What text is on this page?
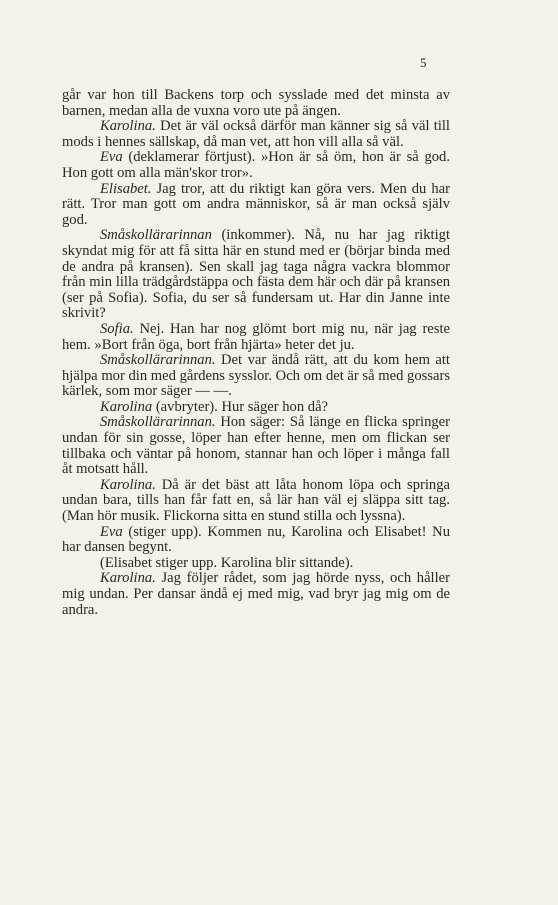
5

går var hon till Backens torp och sysslade med det minsta av barnen, medan alla de vuxna voro ute på ängen.

Karolina. Det är väl också därför man känner sig så väl till mods i hennes sällskap, då man vet, att hon vill alla så väl.

Eva (deklamerar förtjust). »Hon är så öm, hon är så god. Hon gott om alla män'skor tror».

Elisabet. Jag tror, att du riktigt kan göra vers. Men du har rätt. Tror man gott om andra människor, så är man också själv god.

Småskollärarinnan (inkommer). Nå, nu har jag riktigt skyndat mig för att få sitta här en stund med er (börjar binda med de andra på kransen). Sen skall jag taga några vackra blommor från min lilla trädgårdstäppa och fästa dem här och där på kransen (ser på Sofia). Sofia, du ser så fundersam ut. Har din Janne inte skrivit?

Sofia. Nej. Han har nog glömt bort mig nu, när jag reste hem. »Bort från öga, bort från hjärta» heter det ju.

Småskollärarinnan. Det var ändå rätt, att du kom hem att hjälpa mor din med gårdens sysslor. Och om det är så med gossars kärlek, som mor säger — —.

Karolina (avbryter). Hur säger hon då?

Småskollärarinnan. Hon säger: Så länge en flicka springer undan för sin gosse, löper han efter henne, men om flickan ser tillbaka och väntar på honom, stannar han och löper i många fall åt motsatt håll.

Karolina. Då är det bäst att låta honom löpa och springa undan bara, tills han får fatt en, så lär han väl ej släppa sitt tag. (Man hör musik. Flickorna sitta en stund stilla och lyssna).

Eva (stiger upp). Kommen nu, Karolina och Elisabet! Nu har dansen begynt.

(Elisabet stiger upp. Karolina blir sittande).

Karolina. Jag följer rådet, som jag hörde nyss, och håller mig undan. Per dansar ändå ej med mig, vad bryr jag mig om de andra.
